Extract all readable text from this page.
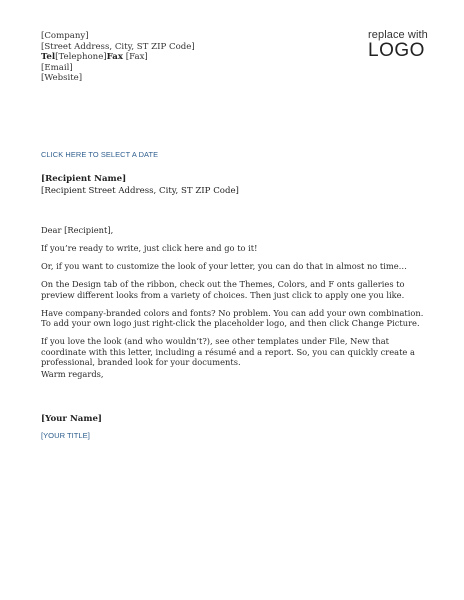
[Company]
[Street Address, City, ST ZIP Code]
Tel[Telephone]Fax [Fax]
[Email]
[Website]
replace with
LOGO
CLICK HERE TO SELECT A DATE
[Recipient Name]
[Recipient Street Address, City, ST ZIP Code]

Dear [Recipient],

If you’re ready to write, just click here and go to it!

Or, if you want to customize the look of your letter, you can do that in almost no time…

On the Design tab of the ribbon, check out the Themes, Colors, and F onts galleries to preview different looks from a variety of choices. Then just click to apply one you like.

Have company-branded colors and fonts? No problem. You can add your own combination. To add your own logo just right-click the placeholder logo, and then click Change Picture.

If you love the look (and who wouldn’t?), see other templates under File, New that coordinate with this letter, including a résumé and a report. So, you can quickly create a professional, branded look for your documents.

Warm regards,
[Your Name]
[YOUR TITLE]
